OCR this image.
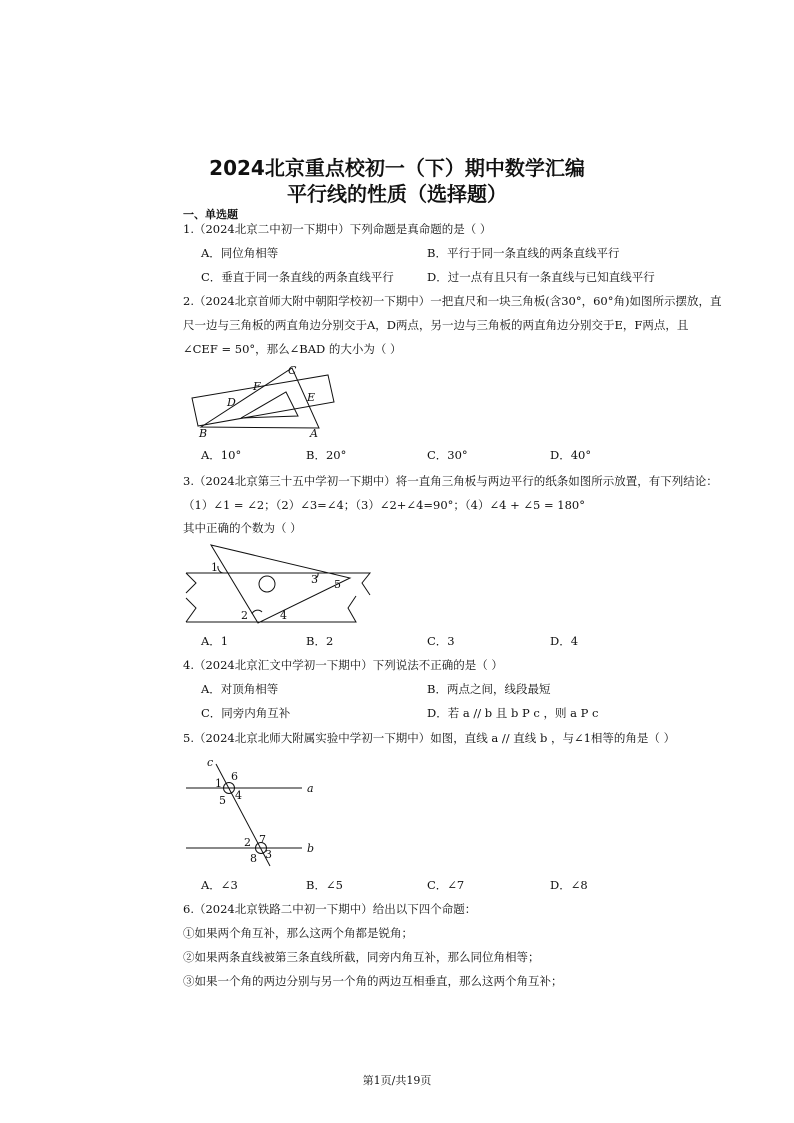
2024北京重点校初一（下）期中数学汇编
平行线的性质（选择题）
一、单选题
1.（2024北京二中初一下期中）下列命题是真命题的是（ ）
A．同位角相等	B．平行于同一条直线的两条直线平行
C．垂直于同一条直线的两条直线平行	D．过一点有且只有一条直线与已知直线平行
2.（2024北京首师大附中朝阳学校初一下期中）一把直尺和一块三角板(含30°，60°角)如图所示摆放，直
尺一边与三角板的两直角边分别交于A，D两点，另一边与三角板的两直角边分别交于E，F两点，且
∠CEF = 50°，那么∠BAD 的大小为（ ）
C
F
E
D
B	A
A．10°	B．20°	C．30°	D．40°
3.（2024北京第三十五中学初一下期中）将一直角三角板与两边平行的纸条如图所示放置，有下列结论：
（1）∠1 = ∠2；（2）∠3=∠4；（3）∠2+∠4=90°；（4）∠4 + ∠5 = 180°
其中正确的个数为（ ）
1
2
3
4
5
A．1	B．2	C．3	D．4
4.（2024北京汇文中学初一下期中）下列说法不正确的是（ ）
A．对顶角相等	B．两点之间，线段最短
C．同旁内角互补	D．若 a // b 且 b P c ，则 a P c
5.（2024北京北师大附属实验中学初一下期中）如图，直线 a // 直线 b ，与∠1相等的角是（ ）
c
a
b
1
6
5 4
2 7
8 3
A．∠3	B．∠5	C．∠7	D．∠8
6.（2024北京铁路二中初一下期中）给出以下四个命题：
①如果两个角互补，那么这两个角都是锐角；
②如果两条直线被第三条直线所截，同旁内角互补，那么同位角相等；
③如果一个角的两边分别与另一个角的两边互相垂直，那么这两个角互补；
第1页/共19页
